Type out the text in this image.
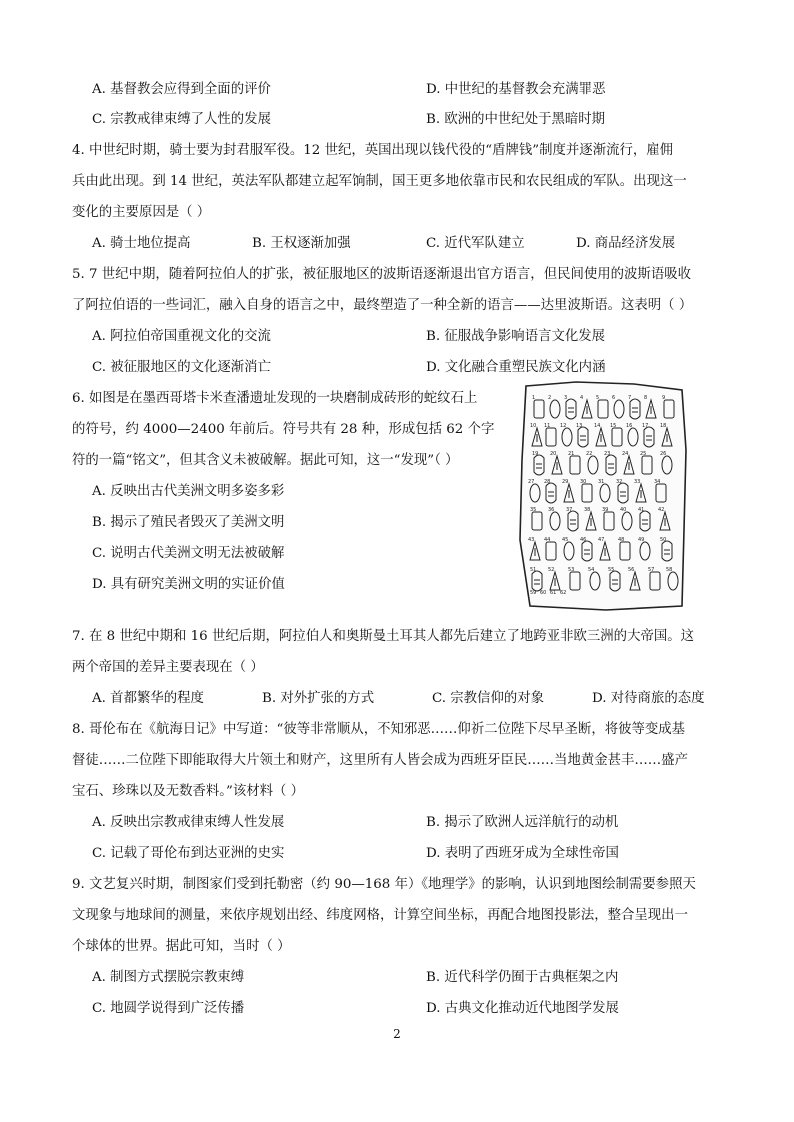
A. 基督教会应得到全面的评价	D. 中世纪的基督教会充满罪恶
C. 宗教戒律束缚了人性的发展	B. 欧洲的中世纪处于黑暗时期
4. 中世纪时期，骑士要为封君服军役。12 世纪，英国出现以钱代役的“盾牌钱”制度并逐渐流行，雇佣
兵由此出现。到 14 世纪，英法军队都建立起军饷制，国王更多地依靠市民和农民组成的军队。出现这一
变化的主要原因是（ ）
A. 骑士地位提高	B. 王权逐渐加强	C. 近代军队建立	D. 商品经济发展
5. 7 世纪中期，随着阿拉伯人的扩张，被征服地区的波斯语逐渐退出官方语言，但民间使用的波斯语吸收
了阿拉伯语的一些词汇，融入自身的语言之中，最终塑造了一种全新的语言——达里波斯语。这表明（ ）
A. 阿拉伯帝国重视文化的交流	B. 征服战争影响语言文化发展
C. 被征服地区的文化逐渐消亡	D. 文化融合重塑民族文化内涵
6. 如图是在墨西哥塔卡米查潘遗址发现的一块磨制成砖形的蛇纹石上
的符号，约 4000—2400 年前后。符号共有 28 种，形成包括 62 个字
符的一篇“铭文”，但其含义未被破解。据此可知，这一“发现”（ ）
A. 反映出古代美洲文明多姿多彩
B. 揭示了殖民者毁灭了美洲文明
C. 说明古代美洲文明无法被破解
D. 具有研究美洲文明的实证价值
1	2	3	4	5	6	7	8	9
10 11 12 13 14 15 16 17 18
19 20 21 22 23 24 25	26
27 28 29 30 31 32 33	34
35 36 37 38 39 40 41	42
43 44 45 46 47	48	49	50
51 52	53	54	55	56	57 58
59 60 61 62
7. 在 8 世纪中期和 16 世纪后期，阿拉伯人和奥斯曼土耳其人都先后建立了地跨亚非欧三洲的大帝国。这
两个帝国的差异主要表现在（ ）
A. 首都繁华的程度	B. 对外扩张的方式	C. 宗教信仰的对象	D. 对待商旅的态度
8. 哥伦布在《航海日记》中写道：“彼等非常顺从，不知邪恶……仰祈二位陛下尽早圣断，将彼等变成基
督徒……二位陛下即能取得大片领土和财产，这里所有人皆会成为西班牙臣民……当地黄金甚丰……盛产
宝石、珍珠以及无数香料。”该材料（ ）
A. 反映出宗教戒律束缚人性发展	B. 揭示了欧洲人远洋航行的动机
C. 记载了哥伦布到达亚洲的史实	D. 表明了西班牙成为全球性帝国
9. 文艺复兴时期，制图家们受到托勒密（约 90—168 年）《地理学》的影响，认识到地图绘制需要参照天
文现象与地球间的测量，来依序规划出经、纬度网格，计算空间坐标，再配合地图投影法，整合呈现出一
个球体的世界。据此可知，当时（ ）
A. 制图方式摆脱宗教束缚	B. 近代科学仍囿于古典框架之内
C. 地圆学说得到广泛传播	D. 古典文化推动近代地图学发展
2
